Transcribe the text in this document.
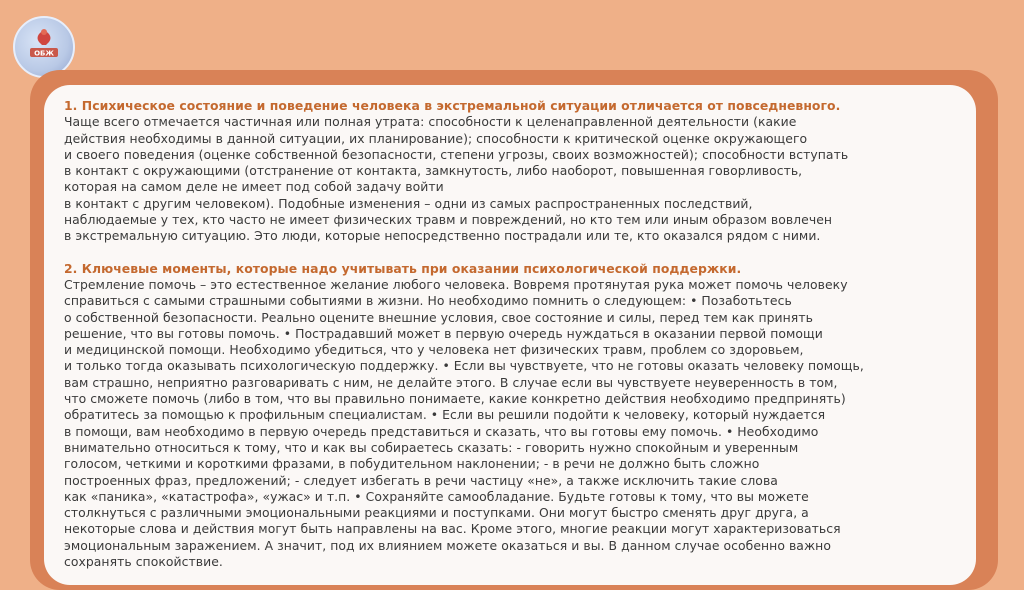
ОБЖ

1. Психическое состояние и поведение человека в экстремальной ситуации отличается от повседневного.

Чаще всего отмечается частичная или полная утрата: способности к целенаправленной деятельности (какие

действия необходимы в данной ситуации, их планирование); способности к критической оценке окружающего

и своего поведения (оценке собственной безопасности, степени угрозы, своих возможностей); способности вступать

в контакт с окружающими (отстранение от контакта, замкнутость, либо наоборот, повышенная говорливость,

которая на самом деле не имеет под собой задачу войти

в контакт с другим человеком). Подобные изменения – одни из самых распространенных последствий,

наблюдаемые у тех, кто часто не имеет физических травм и повреждений, но кто тем или иным образом вовлечен

в экстремальную ситуацию. Это люди, которые непосредственно пострадали или те, кто оказался рядом с ними.

2. Ключевые моменты, которые надо учитывать при оказании психологической поддержки.

Стремление помочь – это естественное желание любого человека. Вовремя протянутая рука может помочь человеку

справиться с самыми страшными событиями в жизни. Но необходимо помнить о следующем: • Позаботьтесь

о собственной безопасности. Реально оцените внешние условия, свое состояние и силы, перед тем как принять

решение, что вы готовы помочь. • Пострадавший может в первую очередь нуждаться в оказании первой помощи

и медицинской помощи. Необходимо убедиться, что у человека нет физических травм, проблем со здоровьем,

и только тогда оказывать психологическую поддержку. • Если вы чувствуете, что не готовы оказать человеку помощь,

вам страшно, неприятно разговаривать с ним, не делайте этого. В случае если вы чувствуете неуверенность в том,

что сможете помочь (либо в том, что вы правильно понимаете, какие конкретно действия необходимо предпринять)

обратитесь за помощью к профильным специалистам. • Если вы решили подойти к человеку, который нуждается

в помощи, вам необходимо в первую очередь представиться и сказать, что вы готовы ему помочь. • Необходимо

внимательно относиться к тому, что и как вы собираетесь сказать: - говорить нужно спокойным и уверенным

голосом, четкими и короткими фразами, в побудительном наклонении; - в речи не должно быть сложно

построенных фраз, предложений; - следует избегать в речи частицу «не», а также исключить такие слова

как «паника», «катастрофа», «ужас» и т.п. • Сохраняйте самообладание. Будьте готовы к тому, что вы можете

столкнуться с различными эмоциональными реакциями и поступками. Они могут быстро сменять друг друга, а

некоторые слова и действия могут быть направлены на вас. Кроме этого, многие реакции могут характеризоваться

эмоциональным заражением. А значит, под их влиянием можете оказаться и вы. В данном случае особенно важно

сохранять спокойствие.
